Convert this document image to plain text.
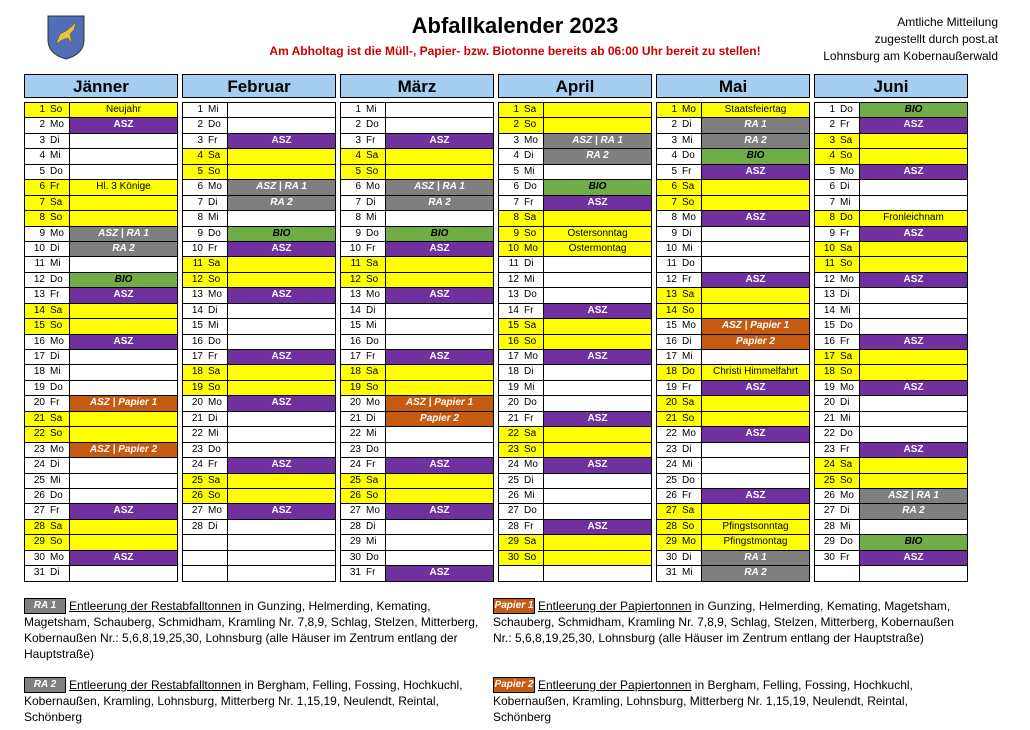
Abfallkalender 2023
Am Abholtag ist die Müll-, Papier- bzw. Biotonne bereits ab 06:00 Uhr bereit zu stellen!
Amtliche Mitteilung
zugestellt durch post.at
Lohnsburg am Kobernaußerwald
Jänner
1 So	Neujahr
2 Mo	ASZ
3 Di
4 Mi
5 Do
6 Fr	Hl. 3 Könige
7 Sa
8 So
9 Mo	ASZ | RA 1
10 Di	RA 2
11 Mi
12 Do	BIO
13 Fr	ASZ
14 Sa
15 So
16 Mo	ASZ
17 Di
18 Mi
19 Do
20 Fr	ASZ | Papier 1
21 Sa
22 So
23 Mo	ASZ | Papier 2
24 Di
25 Mi
26 Do
27 Fr	ASZ
28 Sa
29 So
30 Mo	ASZ
31 Di
Februar
1 Mi
2 Do
3 Fr	ASZ
4 Sa
5 So
6 Mo	ASZ | RA 1
7 Di	RA 2
8 Mi
9 Do	BIO
10 Fr	ASZ
11 Sa
12 So
13 Mo	ASZ
14 Di
15 Mi
16 Do
17 Fr	ASZ
18 Sa
19 So
20 Mo	ASZ
21 Di
22 Mi
23 Do
24 Fr	ASZ
25 Sa
26 So
27 Mo	ASZ
28 Di
März
1 Mi
2 Do
3 Fr	ASZ
4 Sa
5 So
6 Mo	ASZ | RA 1
7 Di	RA 2
8 Mi
9 Do	BIO
10 Fr	ASZ
11 Sa
12 So
13 Mo	ASZ
14 Di
15 Mi
16 Do
17 Fr	ASZ
18 Sa
19 So
20 Mo	ASZ | Papier 1
21 Di	Papier 2
22 Mi
23 Do
24 Fr	ASZ
25 Sa
26 So
27 Mo	ASZ
28 Di
29 Mi
30 Do
31 Fr	ASZ
April
1 Sa
2 So
3 Mo	ASZ | RA 1
4 Di	RA 2
5 Mi
6 Do	BIO
7 Fr	ASZ
8 Sa
9 So	Ostersonntag
10 Mo	Ostermontag
11 Di
12 Mi
13 Do
14 Fr	ASZ
15 Sa
16 So
17 Mo	ASZ
18 Di
19 Mi
20 Do
21 Fr	ASZ
22 Sa
23 So
24 Mo	ASZ
25 Di
26 Mi
27 Do
28 Fr	ASZ
29 Sa
30 So
Mai
1 Mo	Staatsfeiertag
2 Di	RA 1
3 Mi	RA 2
4 Do	BIO
5 Fr	ASZ
6 Sa
7 So
8 Mo	ASZ
9 Di
10 Mi
11 Do
12 Fr	ASZ
13 Sa
14 So
15 Mo	ASZ | Papier 1
16 Di	Papier 2
17 Mi
18 Do	Christi Himmelfahrt
19 Fr	ASZ
20 Sa
21 So
22 Mo	ASZ
23 Di
24 Mi
25 Do
26 Fr	ASZ
27 Sa
28 So	Pfingstsonntag
29 Mo	Pfingstmontag
30 Di	RA 1
31 Mi	RA 2
Juni
1 Do	BIO
2 Fr	ASZ
3 Sa
4 So
5 Mo	ASZ
6 Di
7 Mi
8 Do	Fronleichnam
9 Fr	ASZ
10 Sa
11 So
12 Mo	ASZ
13 Di
14 Mi
15 Do
16 Fr	ASZ
17 Sa
18 So
19 Mo	ASZ
20 Di
21 Mi
22 Do
23 Fr	ASZ
24 Sa
25 So
26 Mo	ASZ | RA 1
27 Di	RA 2
28 Mi
29 Do	BIO
30 Fr	ASZ
RA 1 Entleerung der Restabfalltonnen in Gunzing, Helmerding, Kemating, Magetsham, Schauberg, Schmidham, Kramling Nr. 7,8,9, Schlag, Stelzen, Mitterberg, Kobernaußen Nr.: 5,6,8,19,25,30, Lohnsburg (alle Häuser im Zentrum entlang der Hauptstraße)
Papier 1 Entleerung der Papiertonnen in Gunzing, Helmerding, Kemating, Magetsham, Schauberg, Schmidham, Kramling Nr. 7,8,9, Schlag, Stelzen, Mitterberg, Kobernaußen Nr.: 5,6,8,19,25,30, Lohnsburg (alle Häuser im Zentrum entlang der Hauptstraße)
RA 2 Entleerung der Restabfalltonnen in Bergham, Felling, Fossing, Hochkuchl, Kobernaußen, Kramling, Lohnsburg, Mitterberg Nr. 1,15,19, Neulendt, Reintal, Schönberg
Papier 2 Entleerung der Papiertonnen in Bergham, Felling, Fossing, Hochkuchl, Kobernaußen, Kramling, Lohnsburg, Mitterberg Nr. 1,15,19, Neulendt, Reintal, Schönberg
